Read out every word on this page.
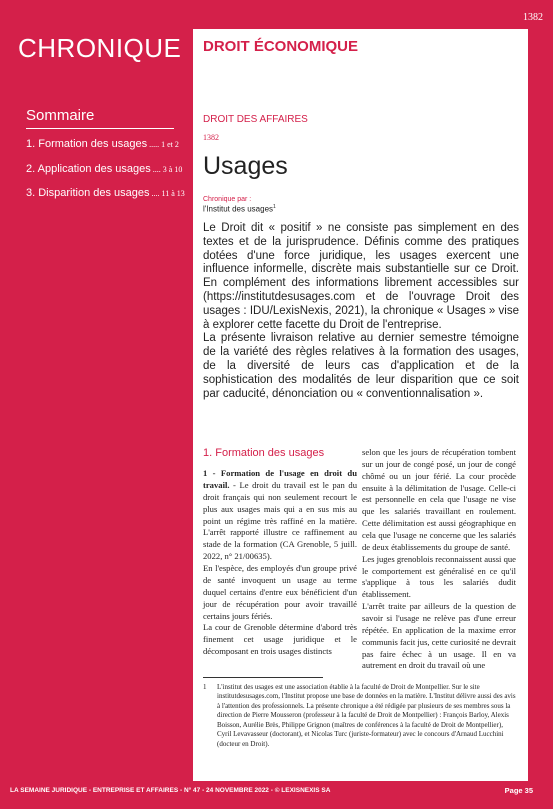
1382
CHRONIQUE DROIT ÉCONOMIQUE
Sommaire
1. Formation des usages ..... 1 et 2
2. Application des usages .... 3 à 10
3. Disparition des usages .... 11 à 13
DROIT DES AFFAIRES
1382
Usages
Chronique par :
l'Institut des usages$^1$

Le Droit dit « positif » ne consiste pas simplement en des textes et de la jurisprudence. Définis comme des pratiques dotées d'une force juridique, les usages exercent une influence informelle, discrète mais substantielle sur ce Droit. En complément des informations librement accessibles sur (https://institutdesusages.com et de l'ouvrage Droit des usages : IDU/LexisNexis, 2021), la chronique « Usages » vise à explorer cette facette du Droit de l'entreprise.

La présente livraison relative au dernier semestre témoigne de la variété des règles relatives à la formation des usages, de la diversité de leurs cas d'application et de la sophistication des modalités de leur disparition que ce soit par caducité, dénonciation ou « conventionnalisation ».

1. Formation des usages

1 - Formation de l'usage en droit du travail. - Le droit du travail est le pan du droit français qui non seulement recourt le plus aux usages mais qui a en sus mis au point un régime très raffiné en la matière. L'arrêt rapporté illustre ce raffinement au stade de la formation (CA Grenoble, 5 juill. 2022, n° 21/00635).

En l'espèce, des employés d'un groupe privé de santé invoquent un usage au terme duquel certains d'entre eux bénéficient d'un jour de récupération pour avoir travaillé certains jours fériés.

La cour de Grenoble détermine d'abord très finement cet usage juridique et le décomposant en trois usages distincts

selon que les jours de récupération tombent sur un jour de congé posé, un jour de congé chômé ou un jour férié. La cour procède ensuite à la délimitation de l'usage. Celle-ci est personnelle en cela que l'usage ne vise que les salariés travaillant en roulement. Cette délimitation est aussi géographique en cela que l'usage ne concerne que les salariés de deux établissements du groupe de santé.

Les juges grenoblois reconnaissent aussi que le comportement est généralisé en ce qu'il s'applique à tous les salariés dudit établissement.

L'arrêt traite par ailleurs de la question de savoir si l'usage ne relève pas d'une erreur répétée. En application de la maxime error communis facit jus, cette curiosité ne devrait pas faire échec à un usage. Il en va autrement en droit du travail où une

1	L'institut des usages est une association établie à la faculté de Droit de Montpellier. Sur le site institutdesusages.com, l'Institut propose une base de données en la matière. L'Institut délivre aussi des avis à l'attention des professionnels. La présente chronique a été rédigée par plusieurs de ses membres sous la direction de Pierre Mousseron (professeur à la faculté de Droit de Montpellier) : François Barloy, Alexis Boisson, Aurélie Brès, Philippe Grignon (maîtres de conférences à la faculté de Droit de Montpellier), Cyril Levavasseur (doctorant), et Nicolas Turc (juriste-formateur) avec le concours d'Arnaud Lucchini (docteur en Droit).
LA SEMAINE JURIDIQUE - ENTREPRISE ET AFFAIRES - N° 47 - 24 NOVEMBRE 2022 - © LEXISNEXIS SA	Page 35
